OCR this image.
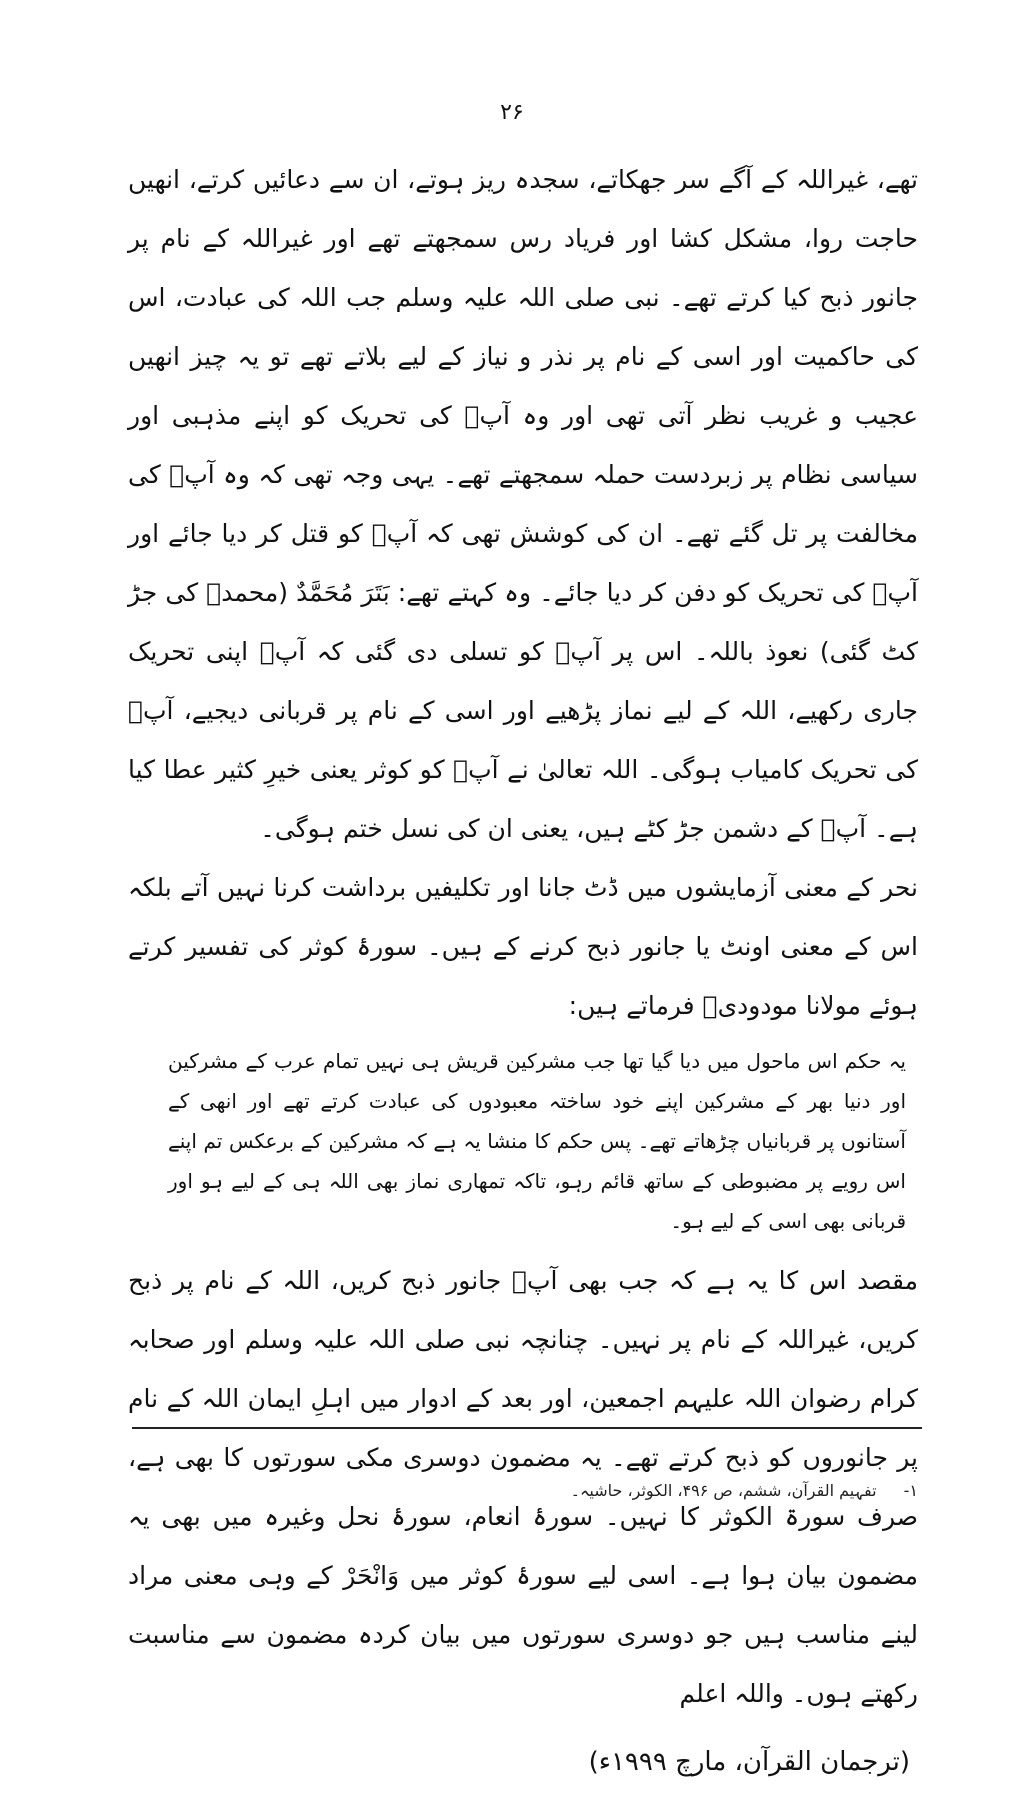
۲۶

تھے، غیراللہ کے آگے سر جھکاتے، سجدہ ریز ہوتے، ان سے دعائیں کرتے، انھیں حاجت روا، مشکل کشا اور فریاد رس سمجھتے تھے اور غیراللہ کے نام پر جانور ذبح کیا کرتے تھے۔ نبی صلی اللہ علیہ وسلم جب اللہ کی عبادت، اس کی حاکمیت اور اسی کے نام پر نذر و نیاز کے لیے بلاتے تھے تو یہ چیز انھیں عجیب و غریب نظر آتی تھی اور وہ آپؐ کی تحریک کو اپنے مذہبی اور سیاسی نظام پر زبردست حملہ سمجھتے تھے۔ یہی وجہ تھی کہ وہ آپؐ کی مخالفت پر تل گئے تھے۔ ان کی کوشش تھی کہ آپؐ کو قتل کر دیا جائے اور آپؐ کی تحریک کو دفن کر دیا جائے۔ وہ کہتے تھے: بَتَرَ مُحَمَّدٌ (محمدؐ کی جڑ کٹ گئی) نعوذ باللہ۔ اس پر آپؐ کو تسلی دی گئی کہ آپؐ اپنی تحریک جاری رکھیے، اللہ کے لیے نماز پڑھیے اور اسی کے نام پر قربانی دیجیے، آپؐ کی تحریک کامیاب ہوگی۔ اللہ تعالیٰ نے آپؐ کو کوثر یعنی خیرِ کثیر عطا کیا ہے۔ آپؐ کے دشمن جڑ کٹے ہیں، یعنی ان کی نسل ختم ہوگی۔

نحر کے معنی آزمایشوں میں ڈٹ جانا اور تکلیفیں برداشت کرنا نہیں آتے بلکہ اس کے معنی اونٹ یا جانور ذبح کرنے کے ہیں۔ سورۂ کوثر کی تفسیر کرتے ہوئے مولانا مودودیؒ فرماتے ہیں:

یہ حکم اس ماحول میں دیا گیا تھا جب مشرکین قریش ہی نہیں تمام عرب کے مشرکین اور دنیا بھر کے مشرکین اپنے خود ساختہ معبودوں کی عبادت کرتے تھے اور انھی کے آستانوں پر قربانیاں چڑھاتے تھے۔ پس حکم کا منشا یہ ہے کہ مشرکین کے برعکس تم اپنے اس رویے پر مضبوطی کے ساتھ قائم رہو، تاکہ تمھاری نماز بھی اللہ ہی کے لیے ہو اور قربانی بھی اسی کے لیے ہو۔

مقصد اس کا یہ ہے کہ جب بھی آپؐ جانور ذبح کریں، اللہ کے نام پر ذبح کریں، غیراللہ کے نام پر نہیں۔ چنانچہ نبی صلی اللہ علیہ وسلم اور صحابہ کرام رضوان اللہ علیہم اجمعین، اور بعد کے ادوار میں اہلِ ایمان اللہ کے نام پر جانوروں کو ذبح کرتے تھے۔ یہ مضمون دوسری مکی سورتوں کا بھی ہے، صرف سورۃ الکوثر کا نہیں۔ سورۂ انعام، سورۂ نحل وغیرہ میں بھی یہ مضمون بیان ہوا ہے۔ اسی لیے سورۂ کوثر میں وَانْحَرْ کے وہی معنی مراد لینے مناسب ہیں جو دوسری سورتوں میں بیان کردہ مضمون سے مناسبت رکھتے ہوں۔ واللہ اعلم

(ترجمان القرآن، مارچ ۱۹۹۹ء)

۱- تفہیم القرآن، ششم، ص ۴۹۶، الکوثر، حاشیہ۔
